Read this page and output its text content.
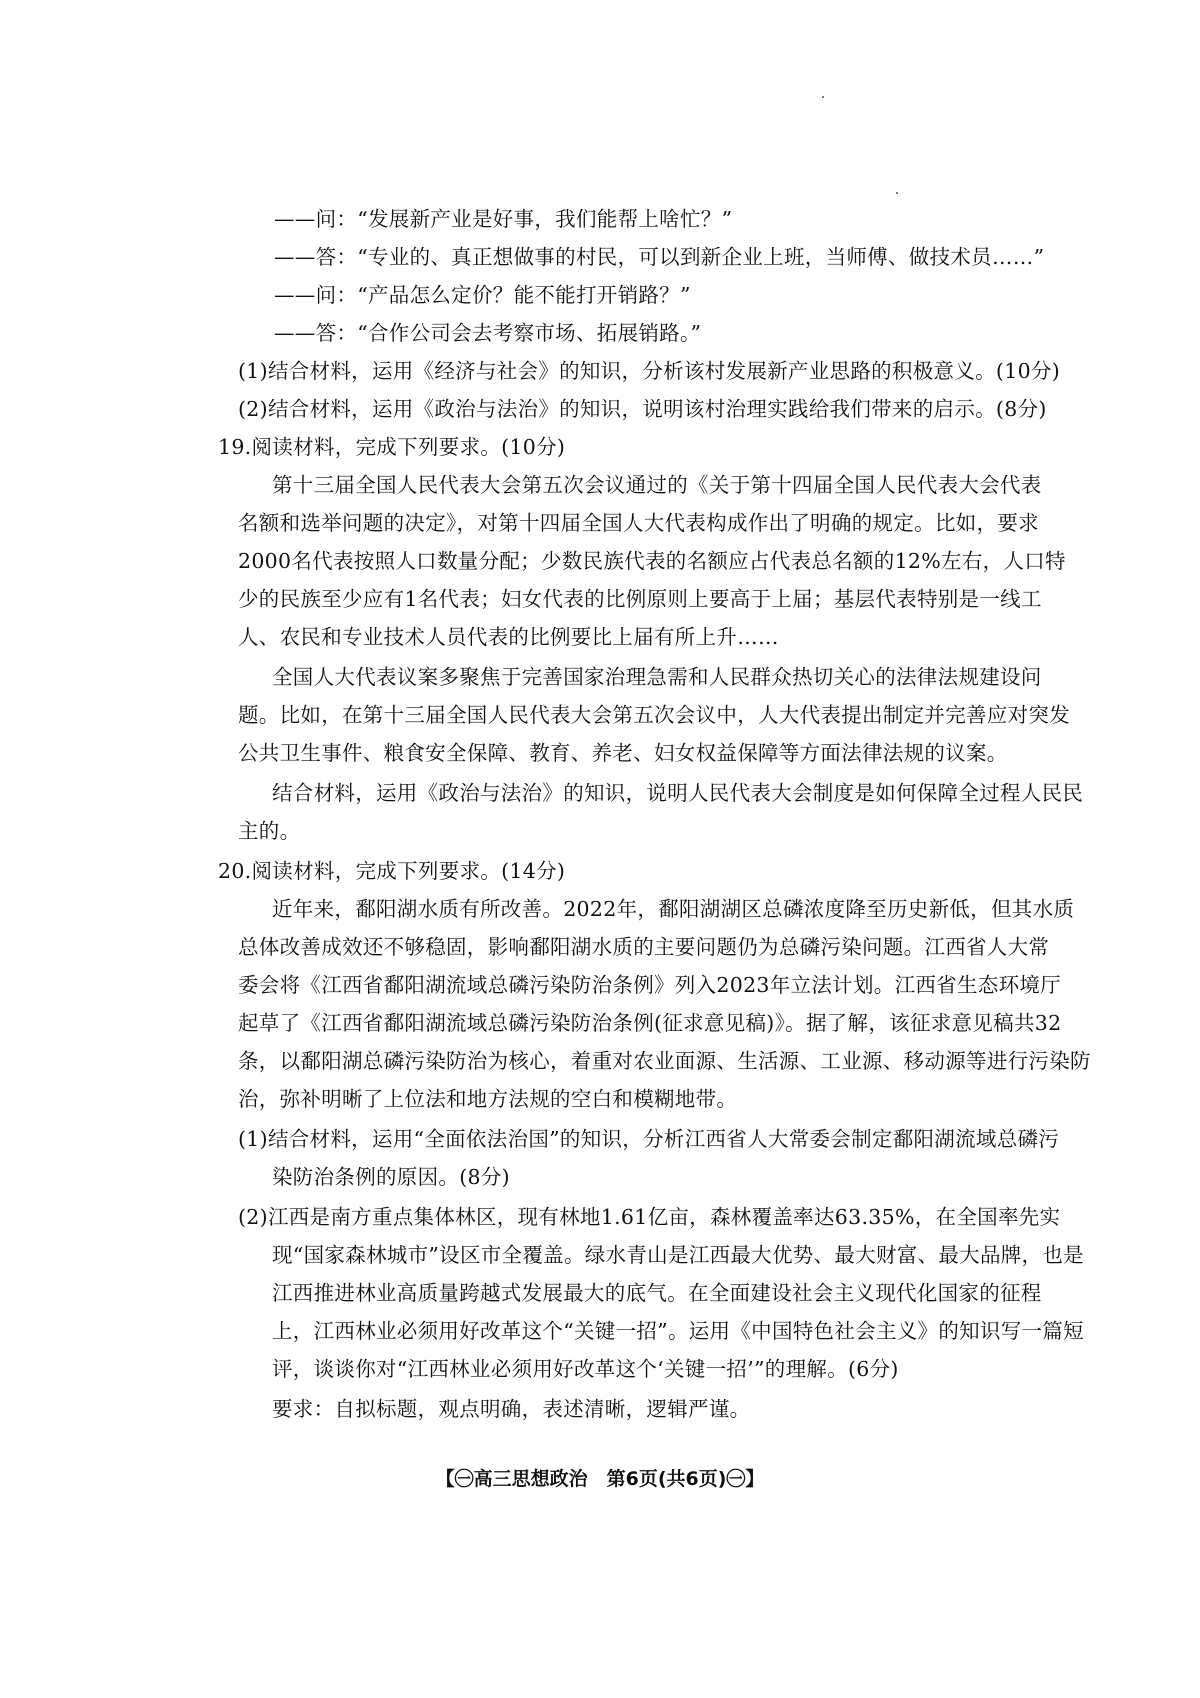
——问：“发展新产业是好事，我们能帮上啥忙？”
——答：“专业的、真正想做事的村民，可以到新企业上班，当师傅、做技术员……”
——问：“产品怎么定价？能不能打开销路？”
——答：“合作公司会去考察市场、拓展销路。”
(1)结合材料，运用《经济与社会》的知识，分析该村发展新产业思路的积极意义。(10分)
(2)结合材料，运用《政治与法治》的知识，说明该村治理实践给我们带来的启示。(8分)
19.阅读材料，完成下列要求。(10分)
第十三届全国人民代表大会第五次会议通过的《关于第十四届全国人民代表大会代表
名额和选举问题的决定》，对第十四届全国人大代表构成作出了明确的规定。比如，要求
2000名代表按照人口数量分配；少数民族代表的名额应占代表总名额的12%左右，人口特
少的民族至少应有1名代表；妇女代表的比例原则上要高于上届；基层代表特别是一线工
人、农民和专业技术人员代表的比例要比上届有所上升……
全国人大代表议案多聚焦于完善国家治理急需和人民群众热切关心的法律法规建设问
题。比如，在第十三届全国人民代表大会第五次会议中，人大代表提出制定并完善应对突发
公共卫生事件、粮食安全保障、教育、养老、妇女权益保障等方面法律法规的议案。
结合材料，运用《政治与法治》的知识，说明人民代表大会制度是如何保障全过程人民民
主的。
20.阅读材料，完成下列要求。(14分)
近年来，鄱阳湖水质有所改善。2022年，鄱阳湖湖区总磷浓度降至历史新低，但其水质
总体改善成效还不够稳固，影响鄱阳湖水质的主要问题仍为总磷污染问题。江西省人大常
委会将《江西省鄱阳湖流域总磷污染防治条例》列入2023年立法计划。江西省生态环境厅
起草了《江西省鄱阳湖流域总磷污染防治条例(征求意见稿)》。据了解，该征求意见稿共32
条，以鄱阳湖总磷污染防治为核心，着重对农业面源、生活源、工业源、移动源等进行污染防
治，弥补明晰了上位法和地方法规的空白和模糊地带。
(1)结合材料，运用“全面依法治国”的知识，分析江西省人大常委会制定鄱阳湖流域总磷污
染防治条例的原因。(8分)
(2)江西是南方重点集体林区，现有林地1.61亿亩，森林覆盖率达63.35%，在全国率先实
现“国家森林城市”设区市全覆盖。绿水青山是江西最大优势、最大财富、最大品牌，也是
江西推进林业高质量跨越式发展最大的底气。在全面建设社会主义现代化国家的征程
上，江西林业必须用好改革这个“关键一招”。运用《中国特色社会主义》的知识写一篇短
评，谈谈你对“江西林业必须用好改革这个‘关键一招’”的理解。(6分)
要求：自拟标题，观点明确，表述清晰，逻辑严谨。
【㊀高三思想政治　第6页(共6页)㊀】
